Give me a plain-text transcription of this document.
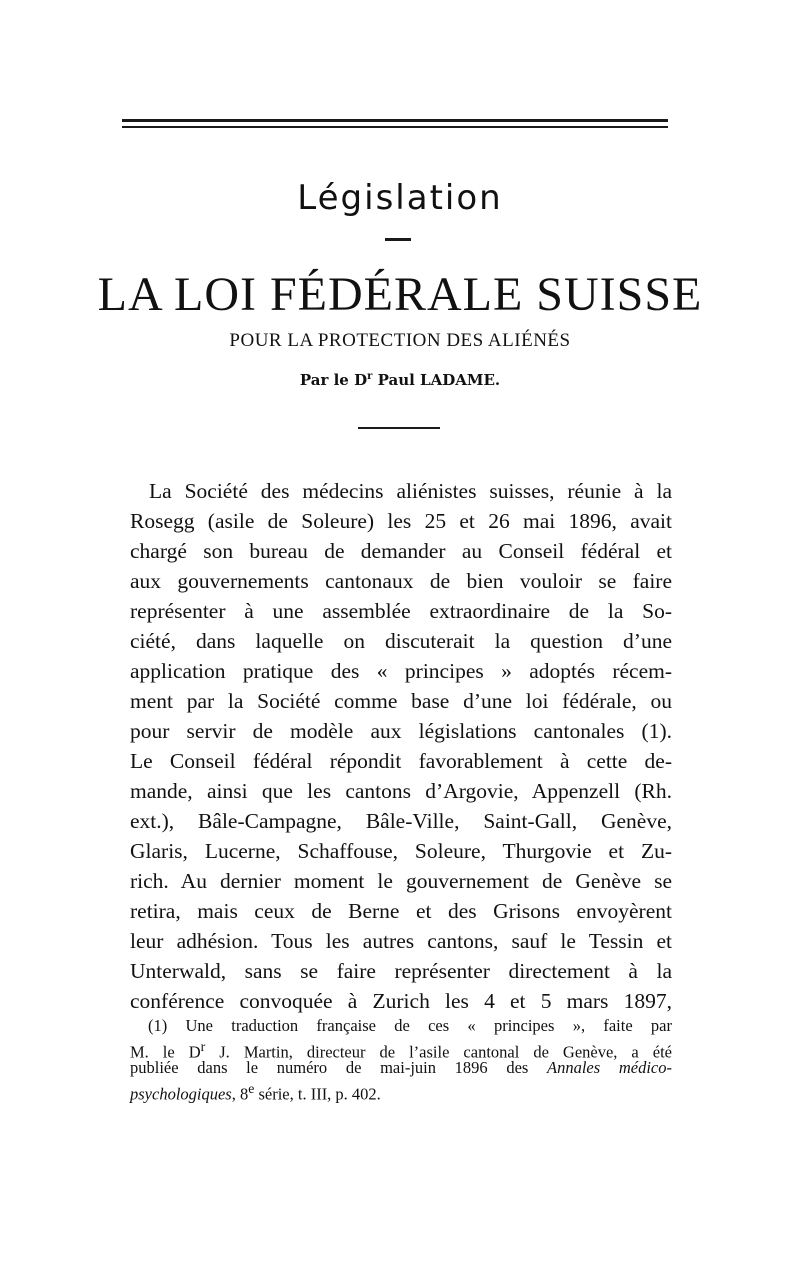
Législation
LA LOI FÉDÉRALE SUISSE
POUR LA PROTECTION DES ALIÉNÉS
Par le $D^r$ Paul LADAME.
La Société des médecins aliénistes suisses, réunie à la
Rosegg (asile de Soleure) les 25 et 26 mai 1896, avait
chargé son bureau de demander au Conseil fédéral et
aux gouvernements cantonaux de bien vouloir se faire
représenter à une assemblée extraordinaire de la So-
ciété, dans laquelle on discuterait la question d’une
application pratique des « principes » adoptés récem-
ment par la Société comme base d’une loi fédérale, ou
pour servir de modèle aux législations cantonales (1).
Le Conseil fédéral répondit favorablement à cette de-
mande, ainsi que les cantons d’Argovie, Appenzell (Rh.
ext.), Bâle-Campagne, Bâle-Ville, Saint-Gall, Genève,
Glaris, Lucerne, Schaffouse, Soleure, Thurgovie et Zu-
rich. Au dernier moment le gouvernement de Genève se
retira, mais ceux de Berne et des Grisons envoyèrent
leur adhésion. Tous les autres cantons, sauf le Tessin et
Unterwald, sans se faire représenter directement à la
conférence convoquée à Zurich les 4 et 5 mars 1897,
(1) Une traduction française de ces « principes », faite par
M. le $D^r$ J. Martin, directeur de l’asile cantonal de Genève, a été
publiée dans le numéro de mai-juin 1896 des Annales médico-
psychologiques, 8e série, t. III, p. 402.
